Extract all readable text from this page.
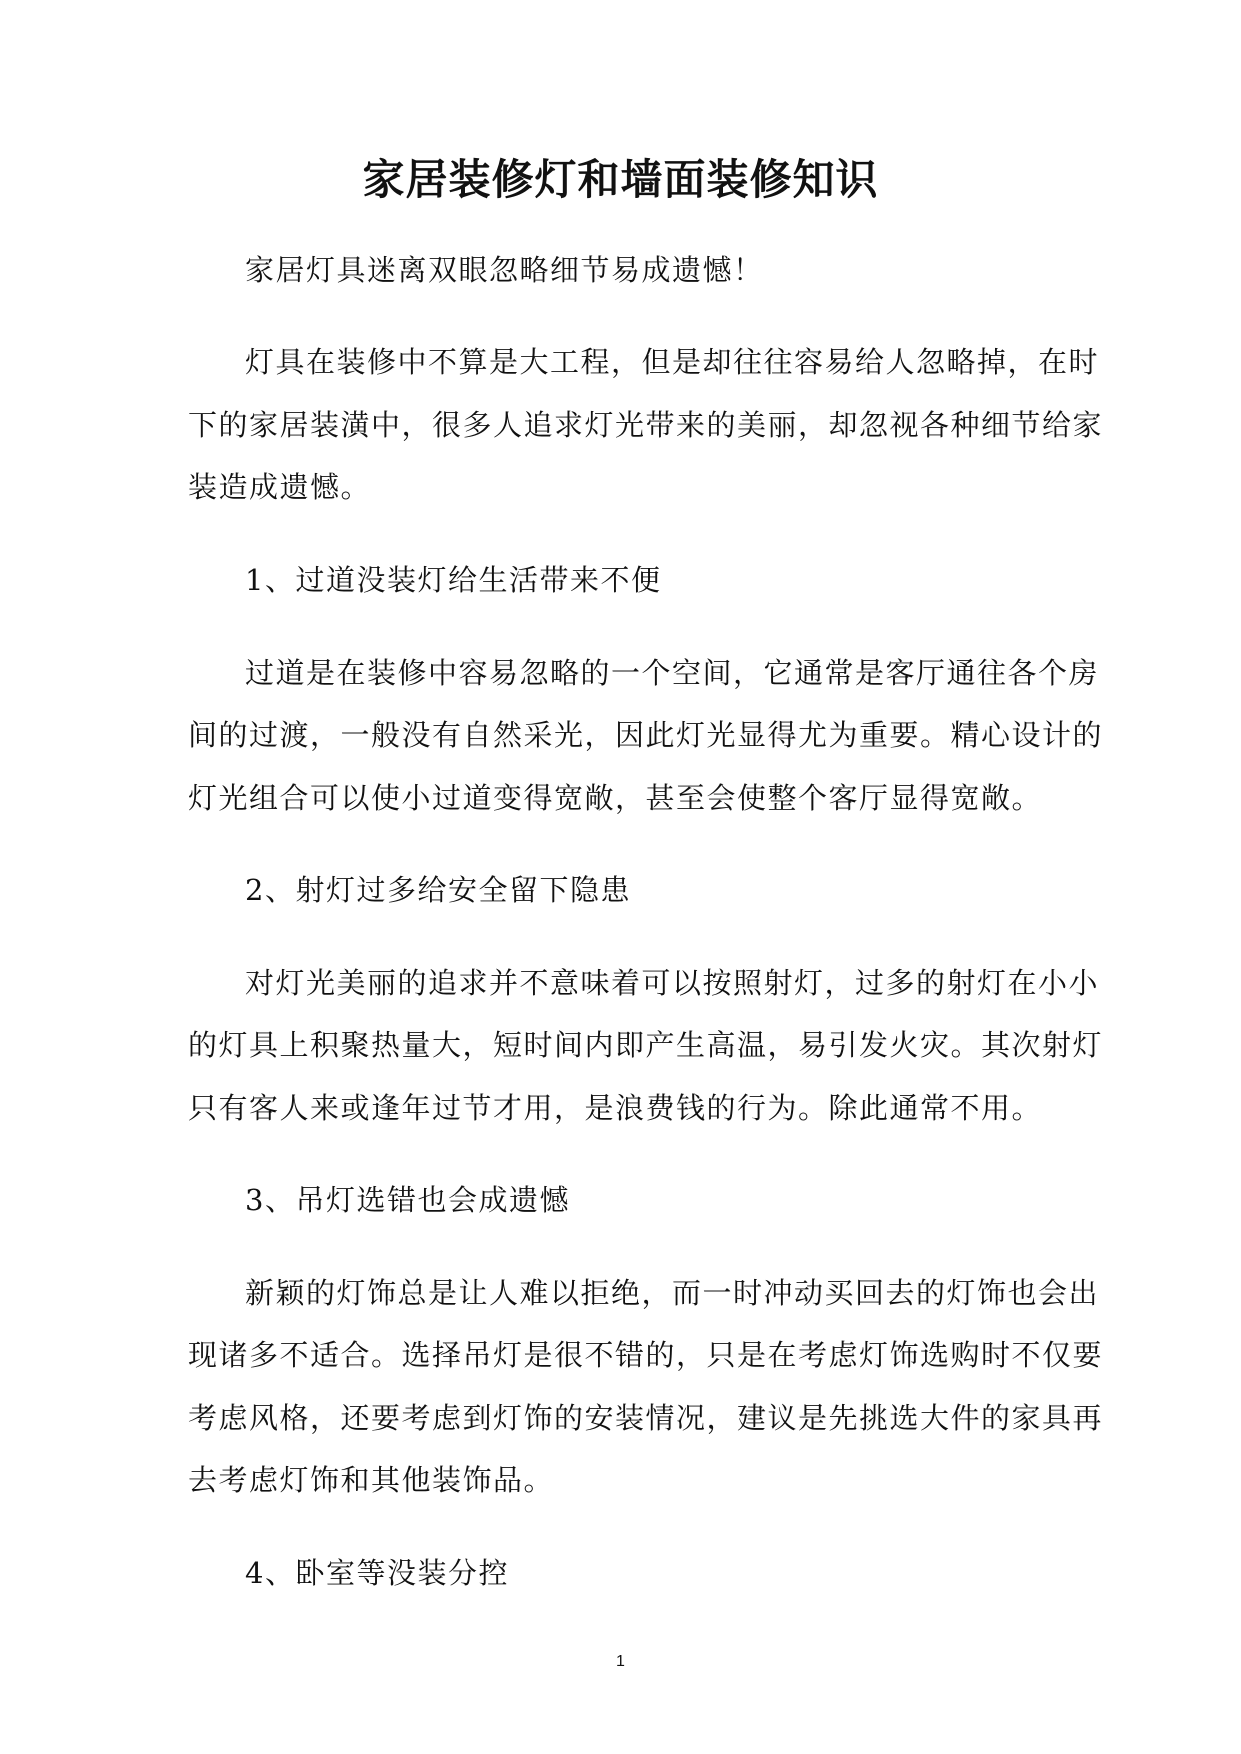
家居装修灯和墙面装修知识
家居灯具迷离双眼忽略细节易成遗憾！
灯具在装修中不算是大工程，但是却往往容易给人忽略掉，在时
下的家居装潢中，很多人追求灯光带来的美丽，却忽视各种细节给家
装造成遗憾。
1、过道没装灯给生活带来不便
过道是在装修中容易忽略的一个空间，它通常是客厅通往各个房
间的过渡，一般没有自然采光，因此灯光显得尤为重要。精心设计的
灯光组合可以使小过道变得宽敞，甚至会使整个客厅显得宽敞。
2、射灯过多给安全留下隐患
对灯光美丽的追求并不意味着可以按照射灯，过多的射灯在小小
的灯具上积聚热量大，短时间内即产生高温，易引发火灾。其次射灯
只有客人来或逢年过节才用，是浪费钱的行为。除此通常不用。
3、吊灯选错也会成遗憾
新颖的灯饰总是让人难以拒绝，而一时冲动买回去的灯饰也会出
现诸多不适合。选择吊灯是很不错的，只是在考虑灯饰选购时不仅要
考虑风格，还要考虑到灯饰的安装情况，建议是先挑选大件的家具再
去考虑灯饰和其他装饰品。
4、卧室等没装分控
1
